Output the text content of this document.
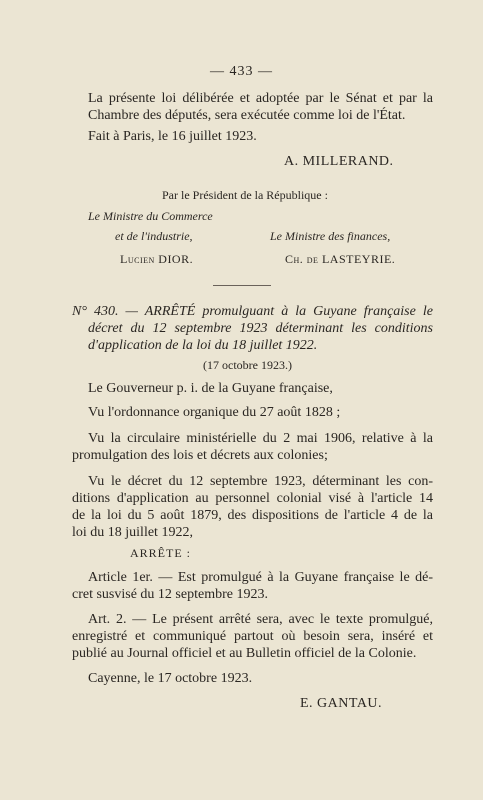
— 433 —
La présente loi délibérée et adoptée par le Sénat et par la
Chambre des députés, sera exécutée comme loi de l'État.
Fait à Paris, le 16 juillet 1923.
A. MILLERAND.
Par le Président de la République :
Le Ministre du Commerce
et de l'industrie,	Le Ministre des finances,
Lucien DIOR.	Ch. de LASTEYRIE.
N° 430. — ARRÊTÉ promulguant à la Guyane française le
décret du 12 septembre 1923 déterminant les conditions
d'application de la loi du 18 juillet 1922.
(17 octobre 1923.)
Le Gouverneur p. i. de la Guyane française,
Vu l'ordonnance organique du 27 août 1828 ;
Vu la circulaire ministérielle du 2 mai 1906, relative à la
promulgation des lois et décrets aux colonies;
Vu le décret du 12 septembre 1923, déterminant les con-
ditions d'application au personnel colonial visé à l'article 14
de la loi du 5 août 1879, des dispositions de l'article 4 de la
loi du 18 juillet 1922,
ARRÊTE :
Article 1er. — Est promulgué à la Guyane française le dé-
cret susvisé du 12 septembre 1923.
Art. 2. — Le présent arrêté sera, avec le texte promulgué,
enregistré et communiqué partout où besoin sera, inséré et
publié au Journal officiel et au Bulletin officiel de la Colonie.
Cayenne, le 17 octobre 1923.
E. GANTAU.
